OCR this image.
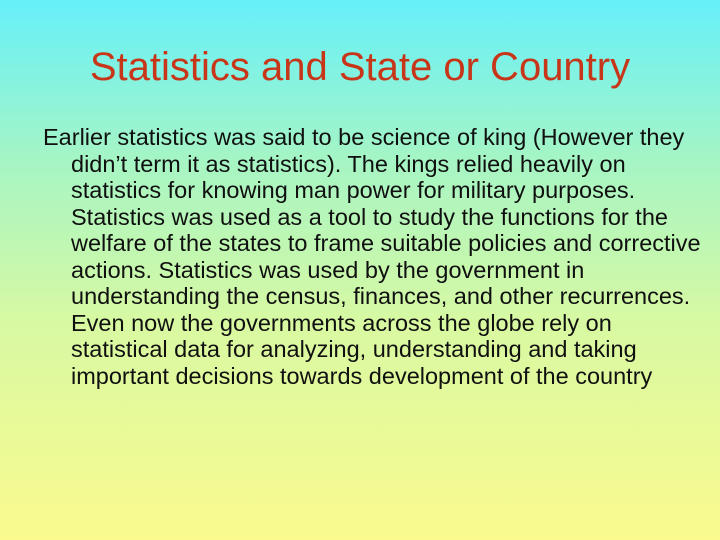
Statistics and State or Country

Earlier statistics was said to be science of king (However they didn’t term it as statistics). The kings relied heavily on statistics for knowing man power for military purposes. Statistics was used as a tool to study the functions for the welfare of the states to frame suitable policies and corrective actions. Statistics was used by the government in understanding the census, finances, and other recurrences. Even now the governments across the globe rely on statistical data for analyzing, understanding and taking important decisions towards development of the country
